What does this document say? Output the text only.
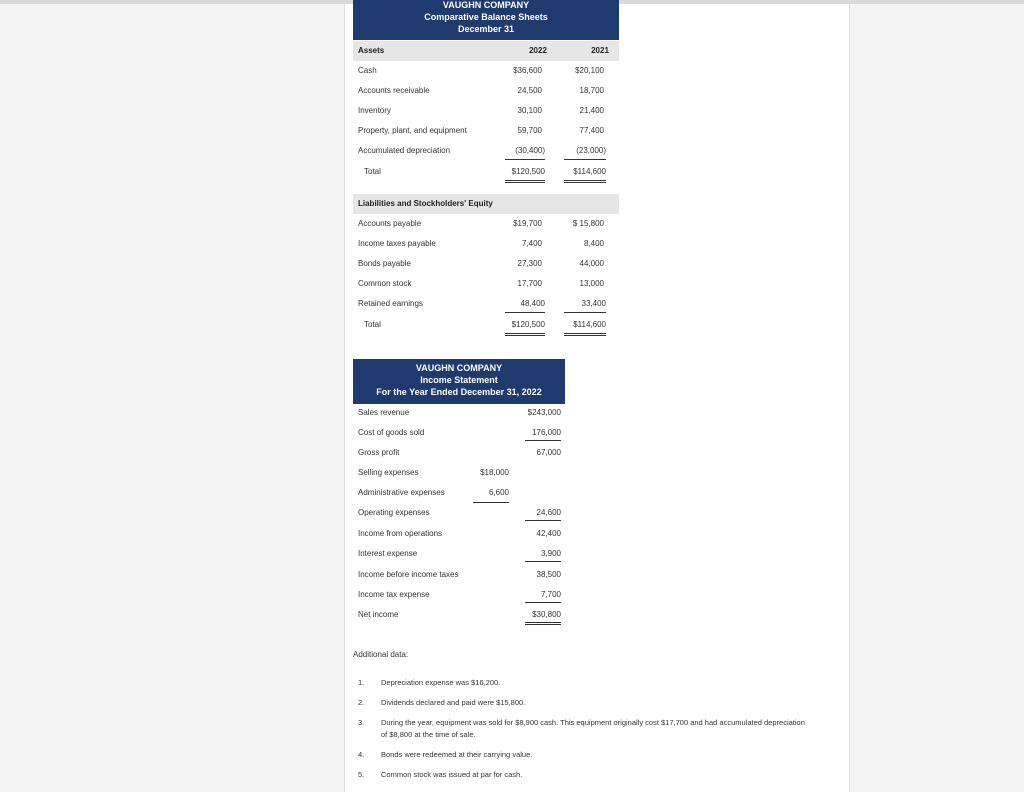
VAUGHN COMPANY
Comparative Balance Sheets
December 31
Assets	2022	2021
Cash	$36,600	$20,100
Accounts receivable	24,500	18,700
Inventory	30,100	21,400
Property, plant, and equipment	59,700	77,400
Accumulated depreciation	(30,400)	(23,000)
Total	$120,500	$114,600
Liabilities and Stockholders' Equity
Accounts payable	$19,700	$ 15,800
Income taxes payable	7,400	8,400
Bonds payable	27,300	44,000
Common stock	17,700	13,000
Retained earnings	48,400	33,400
Total	$120,500	$114,600
VAUGHN COMPANY
Income Statement
For the Year Ended December 31, 2022
Sales revenue	$243,000
Cost of goods sold	176,000
Gross profit	67,000
Selling expenses	$18,000
Administrative expenses	6,600
Operating expenses	24,600
Income from operations	42,400
Interest expense	3,900
Income before income taxes	38,500
Income tax expense	7,700
Net income	$30,800
Additional data:
1. Depreciation expense was $16,200.
2. Dividends declared and paid were $15,800.
3. During the year, equipment was sold for $8,900 cash. This equipment originally cost $17,700 and had accumulated depreciation of $8,800 at the time of sale.
4. Bonds were redeemed at their carrying value.
5. Common stock was issued at par for cash.
